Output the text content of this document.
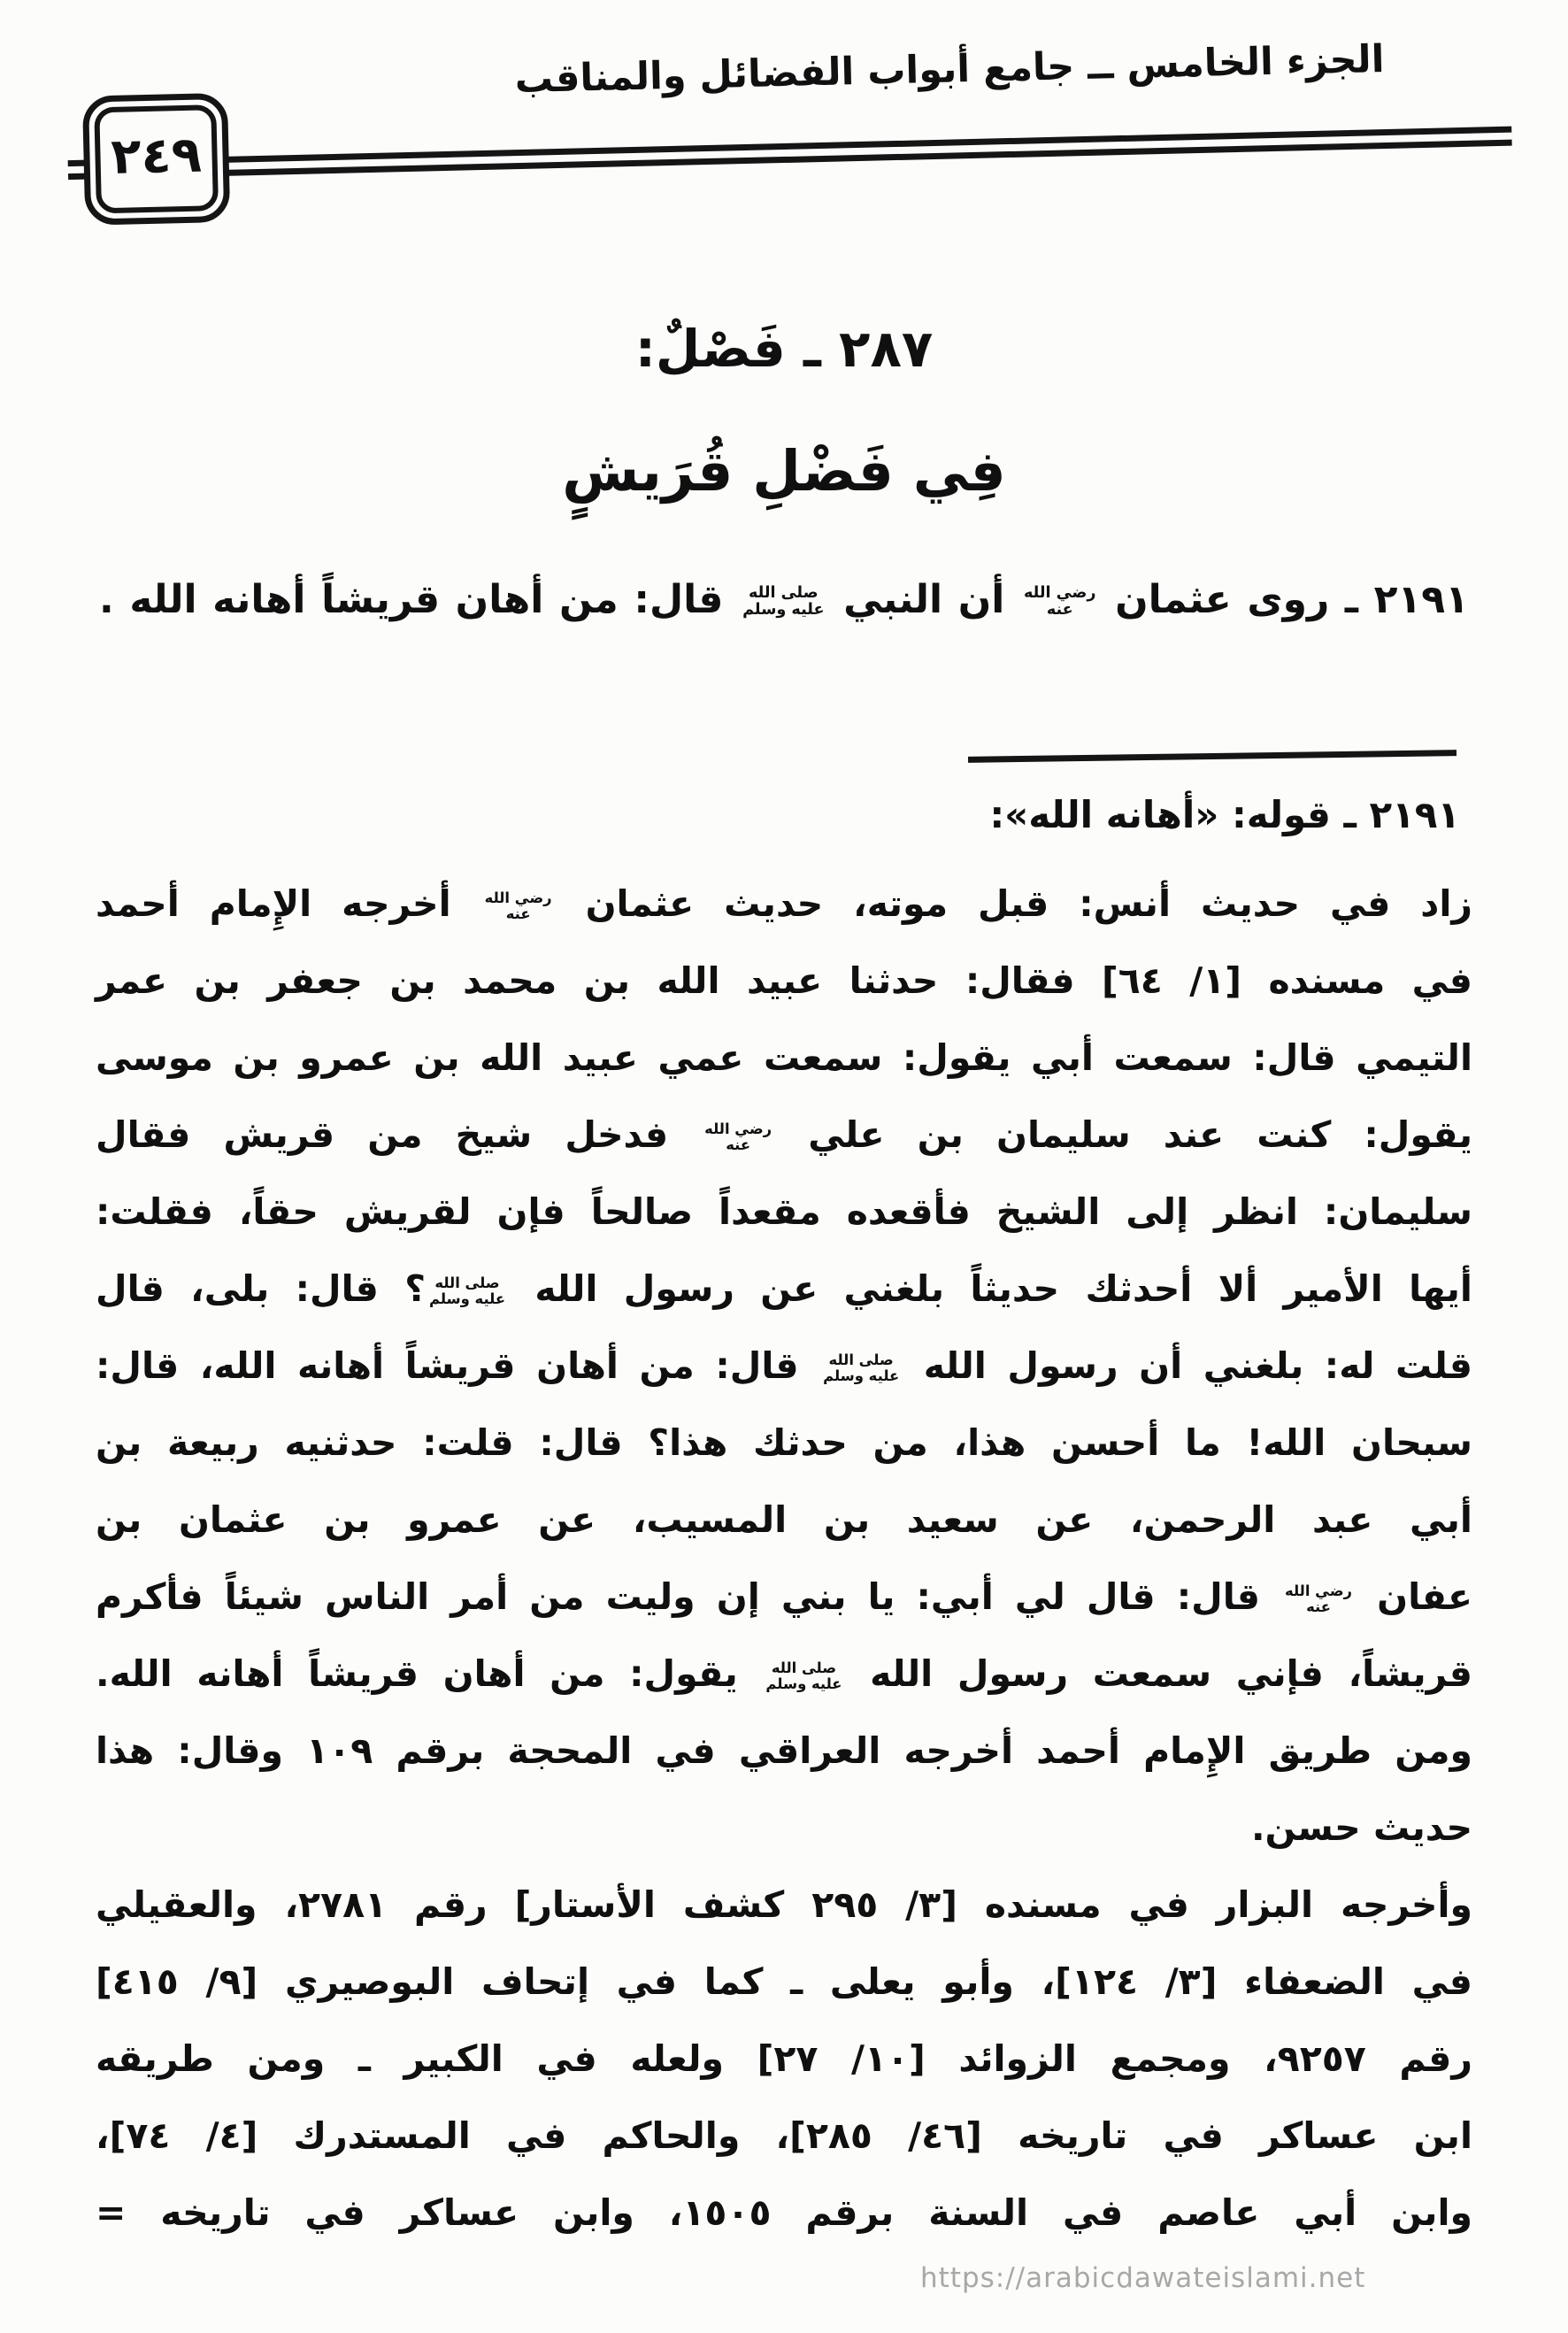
الجزء الخامس ــ جامع أبواب الفضائل والمناقب
٢٤٩
٢٨٧ ـ فَصْلٌ:
فِي فَضْلِ قُرَيشٍ
٢١٩١ ـ روى عثمان
رضي الله
عنه
أن النبي
صلى الله
عليه وسلم
قال: من أهان قريشاً أهانه الله .
٢١٩١ ـ قوله: «أهانه الله»:
زاد في حديث أنس: قبل موته، حديث عثمان
رضي الله
عنه
أخرجه الإِمام أحمد
في مسنده [١/ ٦٤] فقال: حدثنا عبيد الله بن محمد بن جعفر بن عمر
التيمي قال: سمعت أبي يقول: سمعت عمي عبيد الله بن عمرو بن موسى
يقول: كنت عند سليمان بن علي
رضي الله
عنه
فدخل شيخ من قريش فقال
سليمان: انظر إلى الشيخ فأقعده مقعداً صالحاً فإن لقريش حقاً، فقلت:
أيها الأمير ألا أحدثك حديثاً بلغني عن رسول الله
صلى الله
عليه وسلم
؟ قال: بلى، قال
قلت له: بلغني أن رسول الله
صلى الله
عليه وسلم
قال: من أهان قريشاً أهانه الله، قال:
سبحان الله! ما أحسن هذا، من حدثك هذا؟ قال: قلت: حدثنيه ربيعة بن
أبي عبد الرحمن، عن سعيد بن المسيب، عن عمرو بن عثمان بن
عفان
رضي الله
عنه
قال: قال لي أبي: يا بني إن وليت من أمر الناس شيئاً فأكرم
قريشاً، فإني سمعت رسول الله
صلى الله
عليه وسلم
يقول: من أهان قريشاً أهانه الله.
ومن طريق الإِمام أحمد أخرجه العراقي في المحجة برقم ١٠٩ وقال: هذا
حديث حسن.
وأخرجه البزار في مسنده [٣/ ٢٩٥ كشف الأستار] رقم ٢٧٨١، والعقيلي
في الضعفاء [٣/ ١٢٤]، وأبو يعلى ـ كما في إتحاف البوصيري [٩/ ٤١٥]
رقم ٩٢٥٧، ومجمع الزوائد [١٠/ ٢٧] ولعله في الكبير ـ ومن طريقه
ابن عساكر في تاريخه [٤٦/ ٢٨٥]، والحاكم في المستدرك [٤/ ٧٤]،
وابن أبي عاصم في السنة برقم ١٥٠٥، وابن عساكر في تاريخه =
https://arabicdawateislami.net
